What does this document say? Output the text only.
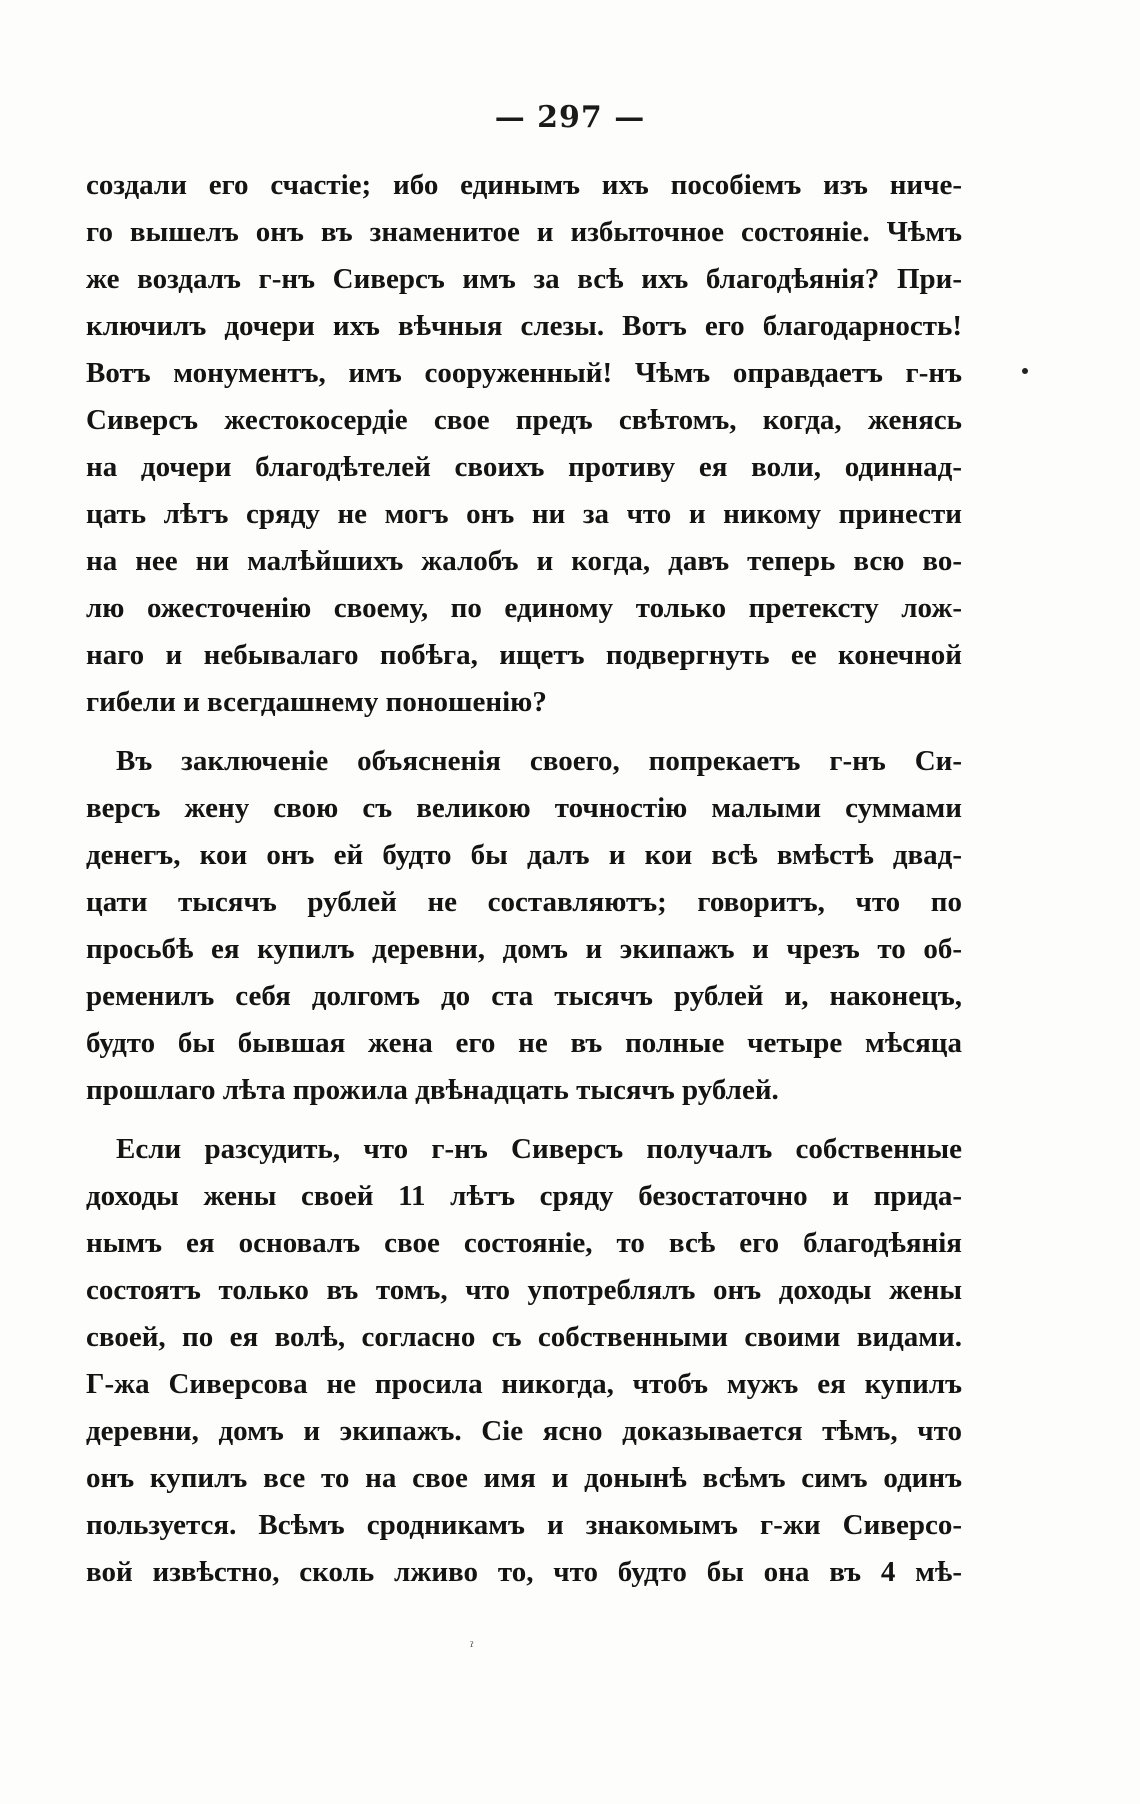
— 297 —
создали его счастіе; ибо единымъ ихъ пособіемъ изъ ниче-
го вышелъ онъ въ знаменитое и избыточное состояніе. Чѣмъ
же воздалъ г-нъ Сиверсъ имъ за всѣ ихъ благодѣянія? При-
ключилъ дочери ихъ вѣчныя слезы. Вотъ его благодарность!
Вотъ монументъ, имъ сооруженный! Чѣмъ оправдаетъ г-нъ
Сиверсъ жестокосердіе свое предъ свѣтомъ, когда, женясь
на дочери благодѣтелей своихъ противу ея воли, одиннад-
цать лѣтъ сряду не могъ онъ ни за что и никому принести
на нее ни малѣйшихъ жалобъ и когда, давъ теперь всю во-
лю ожесточенію своему, по единому только претексту лож-
наго и небывалаго побѣга, ищетъ подвергнуть ее конечной
гибели и всегдашнему поношенію?
Въ заключеніе объясненія своего, попрекаетъ г-нъ Си-
версъ жену свою съ великою точностію малыми суммами
денегъ, кои онъ ей будто бы далъ и кои всѣ вмѣстѣ двад-
цати тысячъ рублей не составляютъ; говоритъ, что по
просьбѣ ея купилъ деревни, домъ и экипажъ и чрезъ то об-
ременилъ себя долгомъ до ста тысячъ рублей и, наконецъ,
будто бы бывшая жена его не въ полные четыре мѣсяца
прошлаго лѣта прожила двѣнадцать тысячъ рублей.
Если разсудить, что г-нъ Сиверсъ получалъ собственные
доходы жены своей 11 лѣтъ сряду безостаточно и прида-
нымъ ея основалъ свое состояніе, то всѣ его благодѣянія
состоятъ только въ томъ, что употреблялъ онъ доходы жены
своей, по ея волѣ, согласно съ собственными своими видами.
Г-жа Сиверсова не просила никогда, чтобъ мужъ ея купилъ
деревни, домъ и экипажъ. Сіе ясно доказывается тѣмъ, что
онъ купилъ все то на свое имя и донынѣ всѣмъ симъ одинъ
пользуется. Всѣмъ сродникамъ и знакомымъ г-жи Сиверсо-
вой извѣстно, сколь лживо то, что будто бы она въ 4 мѣ-
ˀ
